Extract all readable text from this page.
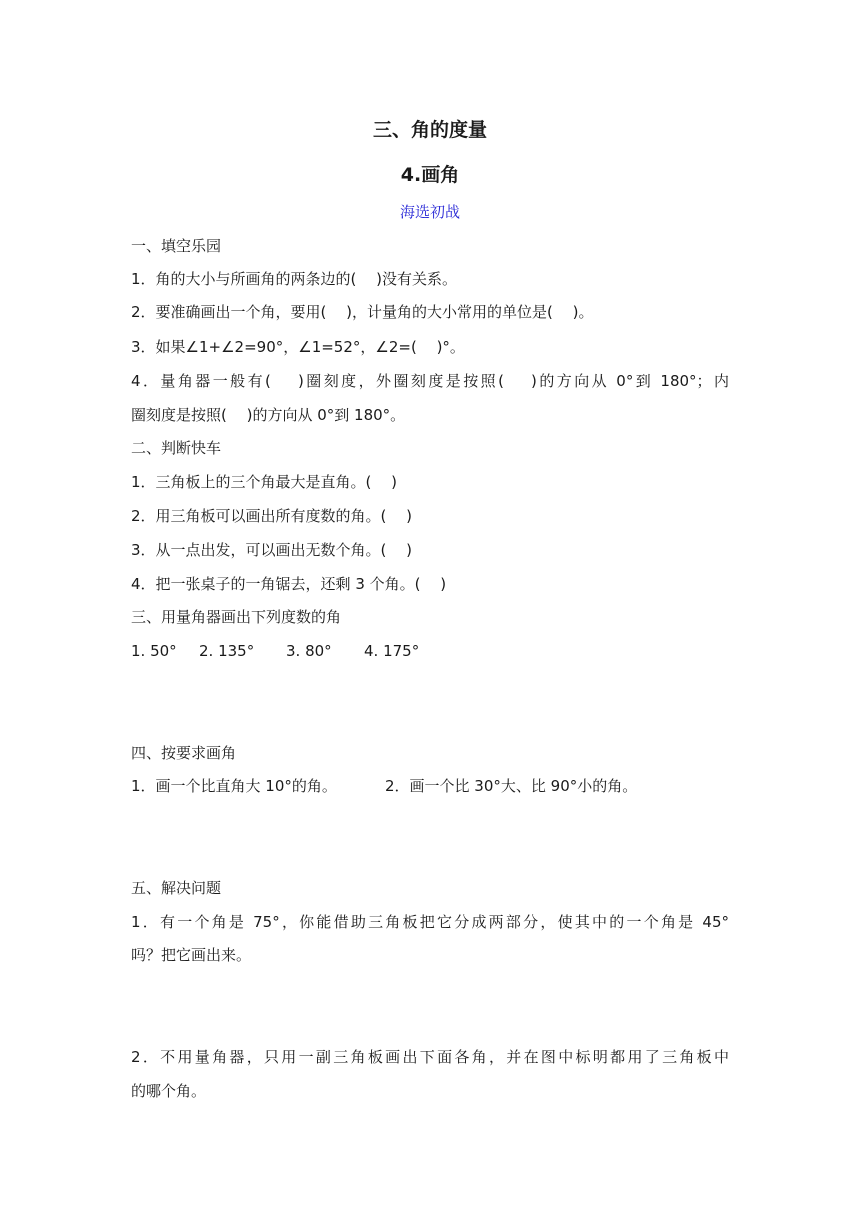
三、角的度量
4.画角
海选初战
一、填空乐园
1．角的大小与所画角的两条边的(　 )没有关系。
2．要准确画出一个角，要用(　 )，计量角的大小常用的单位是(　 )。
3．如果∠1+∠2=90°，∠1=52°，∠2=(　 )°。
4．量角器一般有(　 )圈刻度，外圈刻度是按照(　 )的方向从 0°到 180°；内
圈刻度是按照(　 )的方向从 0°到 180°。
二、判断快车
1．三角板上的三个角最大是直角。(　 )
2．用三角板可以画出所有度数的角。(　 )
3．从一点出发，可以画出无数个角。(　 )
4．把一张桌子的一角锯去，还剩 3 个角。(　 )
三、用量角器画出下列度数的角
1. 50° 2. 135° 3. 80° 4. 175°
四、按要求画角
1．画一个比直角大 10°的角。	2．画一个比 30°大、比 90°小的角。
五、解决问题
1．有一个角是 75°，你能借助三角板把它分成两部分，使其中的一个角是 45°
吗？把它画出来。
2．不用量角器，只用一副三角板画出下面各角，并在图中标明都用了三角板中
的哪个角。
